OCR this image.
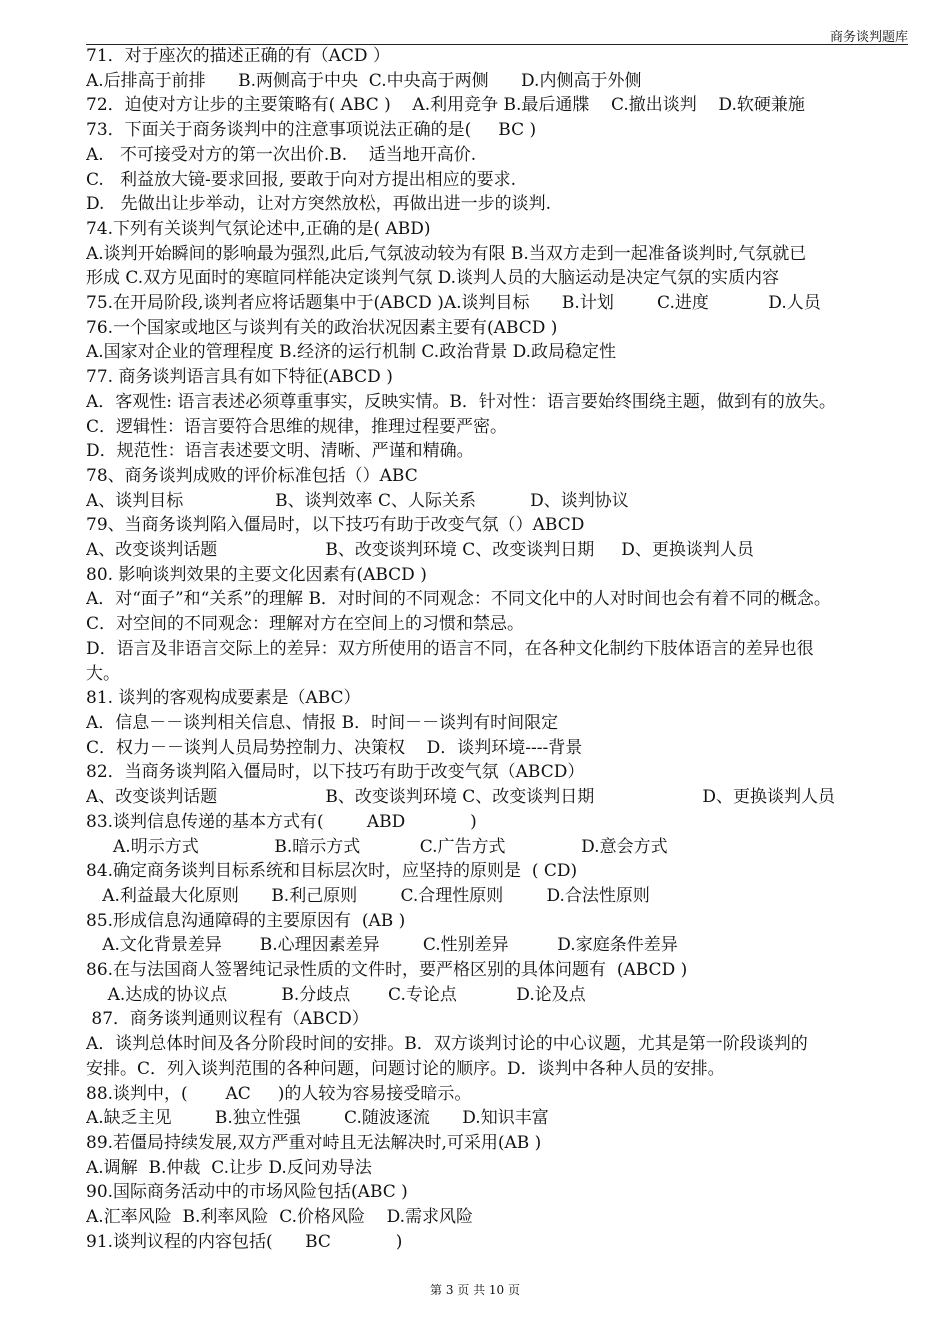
商务谈判题库
71．对于座次的描述正确的有（ACD ）
A.后排高于前排      B.两侧高于中央  C.中央高于两侧      D.内侧高于外侧
72．迫使对方让步的主要策略有( ABC )    A.利用竞争 B.最后通牒    C.撤出谈判    D.软硬兼施
73．下面关于商务谈判中的注意事项说法正确的是(     BC )
A.   不可接受对方的第一次出价.B.    适当地开高价.
C.   利益放大镜-要求回报, 要敢于向对方提出相应的要求.
D.   先做出让步举动，让对方突然放松，再做出进一步的谈判.
74.下列有关谈判气氛论述中,正确的是( ABD)
A.谈判开始瞬间的影响最为强烈,此后,气氛波动较为有限 B.当双方走到一起准备谈判时,气氛就已
形成 C.双方见面时的寒暄同样能决定谈判气氛 D.谈判人员的大脑运动是决定气氛的实质内容
75.在开局阶段,谈判者应将话题集中于(ABCD )A.谈判目标      B.计划        C.进度           D.人员
76.一个国家或地区与谈判有关的政治状况因素主要有(ABCD )
A.国家对企业的管理程度 B.经济的运行机制 C.政治背景 D.政局稳定性
77. 商务谈判语言具有如下特征(ABCD )
A．客观性: 语言表述必须尊重事实，反映实情。B．针对性：语言要始终围绕主题，做到有的放失。
C．逻辑性：语言要符合思维的规律，推理过程要严密。
D．规范性：语言表述要文明、清晰、严谨和精确。
78、商务谈判成败的评价标准包括（）ABC
A、谈判目标                 B、谈判效率 C、人际关系          D、谈判协议
79、当商务谈判陷入僵局时，以下技巧有助于改变气氛（）ABCD
A、改变谈判话题                    B、改变谈判环境 C、改变谈判日期     D、更换谈判人员
80. 影响谈判效果的主要文化因素有(ABCD )
A．对“面子”和“关系”的理解 B．对时间的不同观念：不同文化中的人对时间也会有着不同的概念。
C．对空间的不同观念：理解对方在空间上的习惯和禁忌。
D．语言及非语言交际上的差异：双方所使用的语言不同，在各种文化制约下肢体语言的差异也很
大。
81. 谈判的客观构成要素是（ABC）
A．信息－－谈判相关信息、情报 B．时间－－谈判有时间限定
C．权力－－谈判人员局势控制力、决策权    D．谈判环境----背景
82．当商务谈判陷入僵局时，以下技巧有助于改变气氛（ABCD）
A、改变谈判话题                    B、改变谈判环境 C、改变谈判日期                    D、更换谈判人员
83.谈判信息传递的基本方式有(        ABD            )
A.明示方式              B.暗示方式           C.广告方式              D.意会方式
84.确定商务谈判目标系统和目标层次时，应坚持的原则是  ( CD)
A.利益最大化原则      B.利己原则        C.合理性原则        D.合法性原则
85.形成信息沟通障碍的主要原因有  (AB )
A.文化背景差异       B.心理因素差异        C.性别差异         D.家庭条件差异
86.在与法国商人签署纯记录性质的文件时，要严格区别的具体问题有  (ABCD )
A.达成的协议点          B.分歧点       C.专论点           D.论及点
87．商务谈判通则议程有（ABCD）
A．谈判总体时间及各分阶段时间的安排。B．双方谈判讨论的中心议题，尤其是第一阶段谈判的
安排。C．列入谈判范围的各种问题，问题讨论的顺序。D．谈判中各种人员的安排。
88.谈判中，(       AC     )的人较为容易接受暗示。
A.缺乏主见        B.独立性强        C.随波逐流      D.知识丰富
89.若僵局持续发展,双方严重对峙且无法解决时,可采用(AB )
A.调解  B.仲裁  C.让步 D.反问劝导法
90.国际商务活动中的市场风险包括(ABC )
A.汇率风险  B.利率风险  C.价格风险    D.需求风险
91.谈判议程的内容包括(      BC            )
第 3 页 共 10 页
